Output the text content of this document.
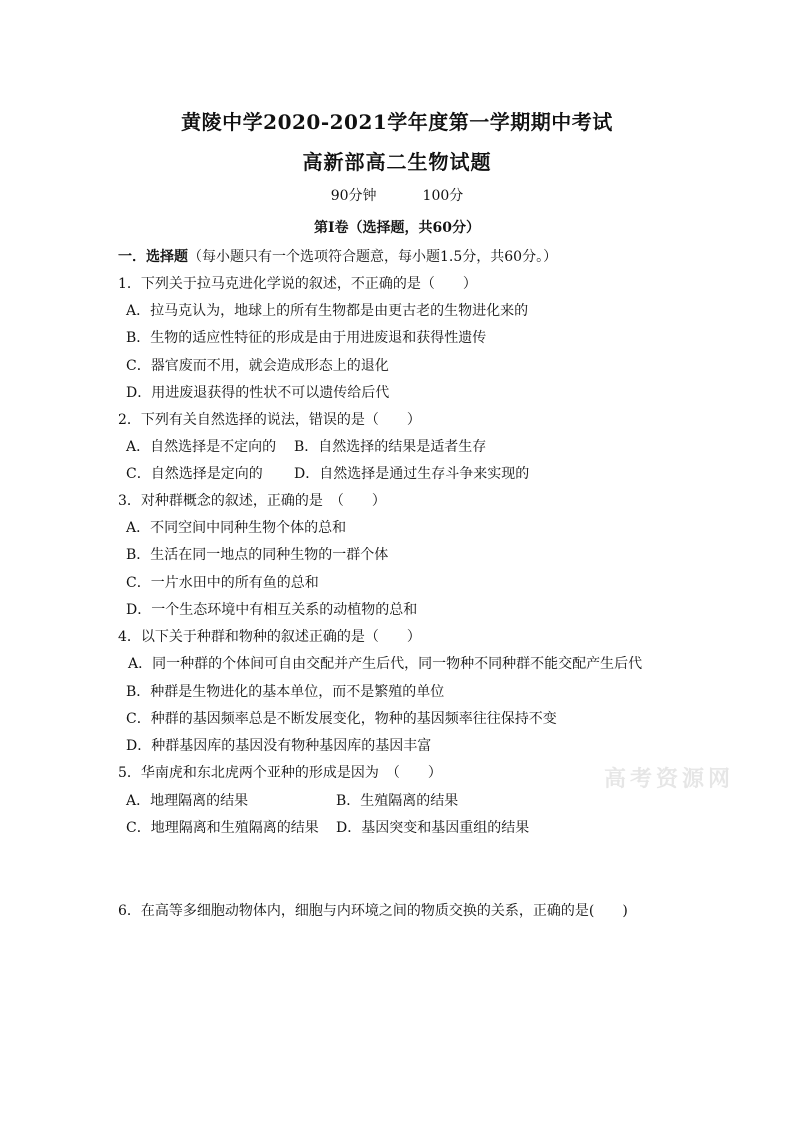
黄陵中学2020-2021学年度第一学期期中考试
高新部高二生物试题
90分钟	100分
第Ⅰ卷（选择题，共60分）
一．选择题（每小题只有一个选项符合题意，每小题1.5分，共60分。）
1．下列关于拉马克进化学说的叙述，不正确的是（　　）
A．拉马克认为，地球上的所有生物都是由更古老的生物进化来的
B．生物的适应性特征的形成是由于用进废退和获得性遗传
C．器官废而不用，就会造成形态上的退化
D．用进废退获得的性状不可以遗传给后代
2．下列有关自然选择的说法，错误的是（　　）
A．自然选择是不定向的 B．自然选择的结果是适者生存
C．自然选择是定向的 D．自然选择是通过生存斗争来实现的
3．对种群概念的叙述，正确的是　（　　）
A．不同空间中同种生物个体的总和
B．生活在同一地点的同种生物的一群个体
C．一片水田中的所有鱼的总和
D．一个生态环境中有相互关系的动植物的总和
4．以下关于种群和物种的叙述正确的是（　　）
A．同一种群的个体间可自由交配并产生后代，同一物种不同种群不能交配产生后代
B．种群是生物进化的基本单位，而不是繁殖的单位
C．种群的基因频率总是不断发展变化，物种的基因频率往往保持不变
D．种群基因库的基因没有物种基因库的基因丰富
5．华南虎和东北虎两个亚种的形成是因为　（　　）
A．地理隔离的结果	B．生殖隔离的结果
C．地理隔离和生殖隔离的结果 D．基因突变和基因重组的结果
6．在高等多细胞动物体内，细胞与内环境之间的物质交换的关系，正确的是(　　)
高考资源网
